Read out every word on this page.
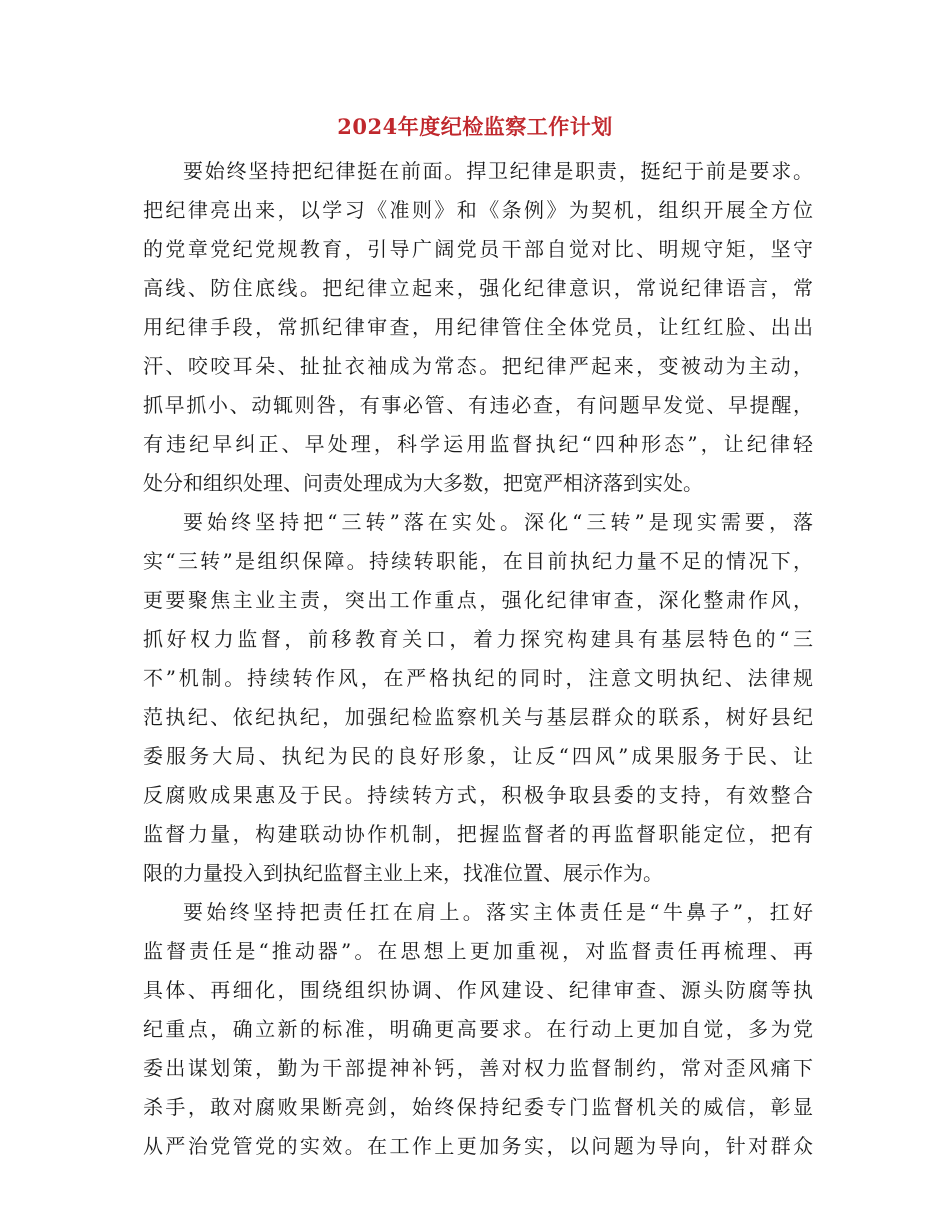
2024年度纪检监察工作计划
要始终坚持把纪律挺在前面。捍卫纪律是职责，挺纪于前是要求。
把纪律亮出来，以学习《准则》和《条例》为契机，组织开展全方位
的党章党纪党规教育，引导广阔党员干部自觉对比、明规守矩，坚守
高线、防住底线。把纪律立起来，强化纪律意识，常说纪律语言，常
用纪律手段，常抓纪律审查，用纪律管住全体党员，让红红脸、出出
汗、咬咬耳朵、扯扯衣袖成为常态。把纪律严起来，变被动为主动，
抓早抓小、动辄则咎，有事必管、有违必查，有问题早发觉、早提醒，
有违纪早纠正、早处理，科学运用监督执纪“四种形态”，让纪律轻
处分和组织处理、问责处理成为大多数，把宽严相济落到实处。
要始终坚持把“三转”落在实处。深化“三转”是现实需要，落
实“三转”是组织保障。持续转职能，在目前执纪力量不足的情况下，
更要聚焦主业主责，突出工作重点，强化纪律审查，深化整肃作风，
抓好权力监督，前移教育关口，着力探究构建具有基层特色的“三
不”机制。持续转作风，在严格执纪的同时，注意文明执纪、法律规
范执纪、依纪执纪，加强纪检监察机关与基层群众的联系，树好县纪
委服务大局、执纪为民的良好形象，让反“四风”成果服务于民、让
反腐败成果惠及于民。持续转方式，积极争取县委的支持，有效整合
监督力量，构建联动协作机制，把握监督者的再监督职能定位，把有
限的力量投入到执纪监督主业上来，找准位置、展示作为。
要始终坚持把责任扛在肩上。落实主体责任是“牛鼻子”，扛好
监督责任是“推动器”。在思想上更加重视，对监督责任再梳理、再
具体、再细化，围绕组织协调、作风建设、纪律审查、源头防腐等执
纪重点，确立新的标准，明确更高要求。在行动上更加自觉，多为党
委出谋划策，勤为干部提神补钙，善对权力监督制约，常对歪风痛下
杀手，敢对腐败果断亮剑，始终保持纪委专门监督机关的威信，彰显
从严治党管党的实效。在工作上更加务实，以问题为导向，针对群众
